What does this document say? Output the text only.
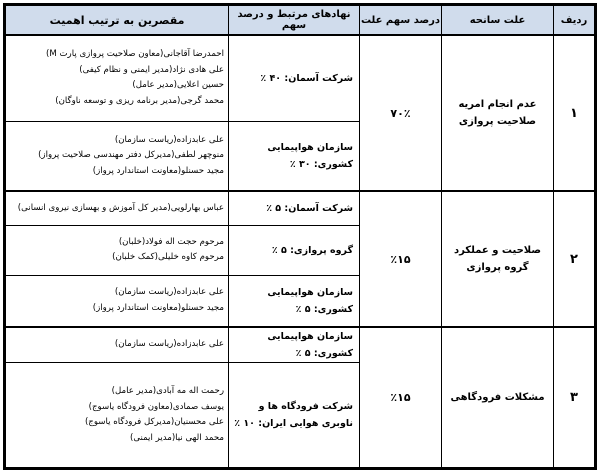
ردیف	علت سانحه	درصد سهم علت	نهادهای مرتبط و درصد سهم	مقصرین به ترتیب اهمیت
۱	عدم انجام امریه صلاحیت پروازی	۷۰٪	شرکت آسمان: ۴۰ ٪	احمدرضا آقاجانی(معاون صلاحیت پروازی پارت M)
علی هادی نژاد(مدیر ایمنی و نظام کیفی)
حسین اعلایی(مدیر عامل)
محمد گرجی(مدیر برنامه ریزی و توسعه ناوگان)

			سازمان هواپیمایی کشوری: ۳۰ ٪	علی عابدزاده(ریاست سازمان)
منوچهر لطفی(مدیرکل دفتر مهندسی صلاحیت پرواز)
مجید حسنلو(معاونت استاندارد پرواز)

۲	صلاحیت و عملکرد گروه پروازی	٪۱۵	شرکت آسمان: ۵ ٪	عباس بهارلویی(مدیر کل آموزش و بهسازی نیروی انسانی)

			گروه پروازی: ۵ ٪	مرحوم حجت اله فولاد(خلبان)
مرحوم کاوه خلیلی(کمک خلبان)

			سازمان هواپیمایی کشوری: ۵ ٪	علی عابدزاده(ریاست سازمان)
مجید حسنلو(معاونت استاندارد پرواز)

۳	مشکلات فرودگاهی	٪۱۵	سازمان هواپیمایی کشوری: ۵ ٪	علی عابدزاده(ریاست سازمان)

			شرکت فرودگاه ها و ناوبری هوایی ایران: ۱۰ ٪	رحمت اله مه آبادی(مدیر عامل)
یوسف صمادی(معاون فرودگاه یاسوج)
علی محسنیان(مدیرکل فرودگاه یاسوج)
محمد الهی نیا(مدیر ایمنی)
